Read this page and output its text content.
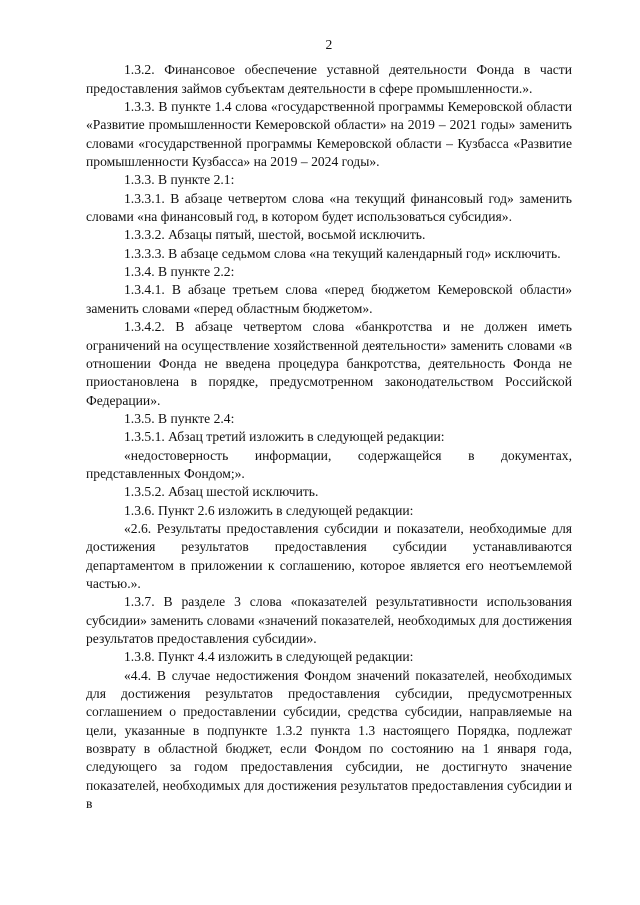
2

1.3.2. Финансовое обеспечение уставной деятельности Фонда в части предоставления займов субъектам деятельности в сфере промышленности.».

1.3.3. В пункте 1.4 слова «государственной программы Кемеровской области «Развитие промышленности Кемеровской области» на 2019 – 2021 годы» заменить словами «государственной программы Кемеровской области – Кузбасса «Развитие промышленности Кузбасса» на 2019 – 2024 годы».

1.3.3. В пункте 2.1:

1.3.3.1. В абзаце четвертом слова «на текущий финансовый год» заменить словами «на финансовый год, в котором будет использоваться субсидия».

1.3.3.2. Абзацы пятый, шестой, восьмой исключить.

1.3.3.3. В абзаце седьмом слова «на текущий календарный год» исключить.

1.3.4. В пункте 2.2:

1.3.4.1. В абзаце третьем слова «перед бюджетом Кемеровской области» заменить словами «перед областным бюджетом».

1.3.4.2. В абзаце четвертом слова «банкротства и не должен иметь ограничений на осуществление хозяйственной деятельности» заменить словами «в отношении Фонда не введена процедура банкротства, деятельность Фонда не приостановлена в порядке, предусмотренном законодательством Российской Федерации».

1.3.5. В пункте 2.4:

1.3.5.1. Абзац третий изложить в следующей редакции:

«недостоверность информации, содержащейся в документах, представленных Фондом;».

1.3.5.2. Абзац шестой исключить.

1.3.6. Пункт 2.6 изложить в следующей редакции:

«2.6. Результаты предоставления субсидии и показатели, необходимые для достижения результатов предоставления субсидии устанавливаются департаментом в приложении к соглашению, которое является его неотъемлемой частью.».

1.3.7. В разделе 3 слова «показателей результативности использования субсидии» заменить словами «значений показателей, необходимых для достижения результатов предоставления субсидии».

1.3.8. Пункт 4.4 изложить в следующей редакции:

«4.4. В случае недостижения Фондом значений показателей, необходимых для достижения результатов предоставления субсидии, предусмотренных соглашением о предоставлении субсидии, средства субсидии, направляемые на цели, указанные в подпункте 1.3.2 пункта 1.3 настоящего Порядка, подлежат возврату в областной бюджет, если Фондом по состоянию на 1 января года, следующего за годом предоставления субсидии, не достигнуто значение показателей, необходимых для достижения результатов предоставления субсидии и в
